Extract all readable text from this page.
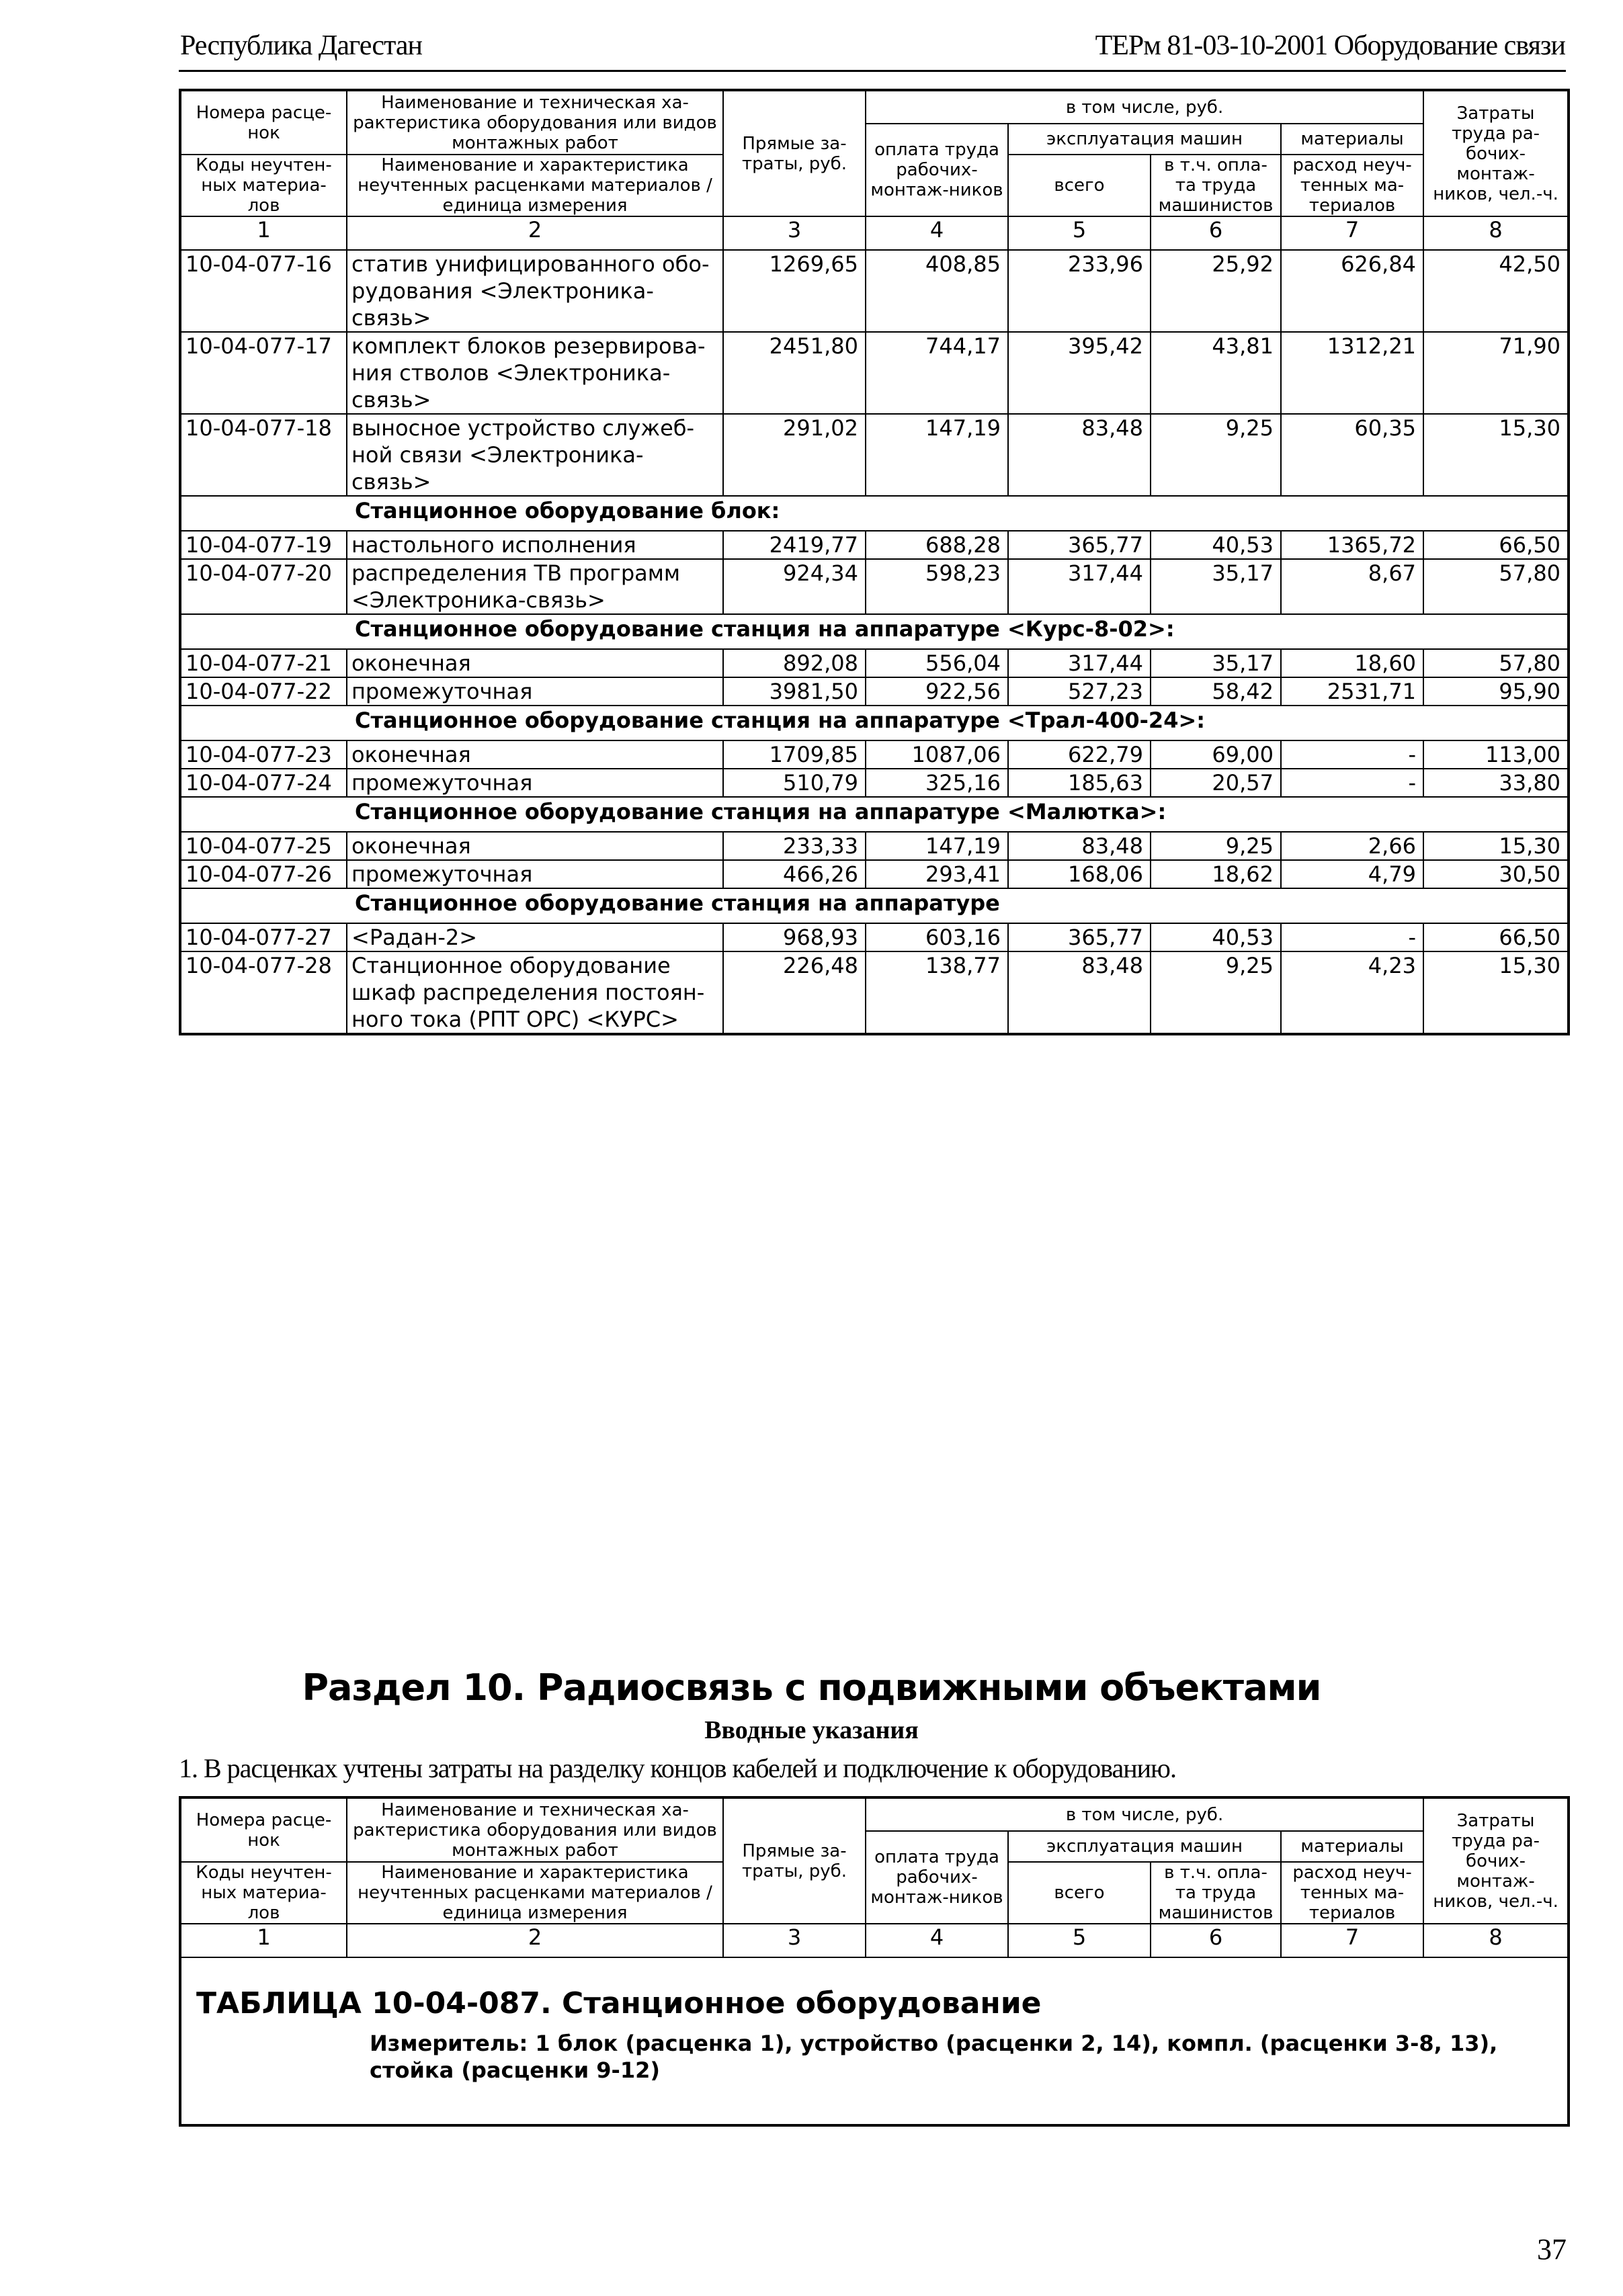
Республика Дагестан	ТЕРм 81-03-10-2001 Оборудование связи
Номера расце-нок	Наименование и техническая ха-рактеристика оборудования или видов монтажных работ	Прямые за-траты, руб.	в том числе, руб.				Затраты труда ра-бочих-монтаж-ников, чел.-ч.
			оплата труда рабочих-монтаж-ников	эксплуатация машин		материалы	
Коды неучтен-ных материа-лов	Наименование и характеристика неучтенных расценками материалов / единица измерения			всего	в т.ч. опла-та труда машинистов	расход неуч-тенных ма-териалов	

1	2	3	4	5	6	7	8
10-04-077-16	статив унифицированного обо-рудования <Электроника-связь>	1269,65	408,85	233,96	25,92	626,84	42,50
10-04-077-17	комплект блоков резервирова-ния стволов <Электроника-связь>	2451,80	744,17	395,42	43,81	1312,21	71,90
10-04-077-18	выносное устройство служеб-ной связи <Электроника-связь>	291,02	147,19	83,48	9,25	60,35	15,30
Станционное оборудование блок:							
10-04-077-19	настольного исполнения	2419,77	688,28	365,77	40,53	1365,72	66,50
10-04-077-20	распределения ТВ программ <Электроника-связь>	924,34	598,23	317,44	35,17	8,67	57,80
Станционное оборудование станция на аппаратуре <Курс-8-02>:							
10-04-077-21	оконечная	892,08	556,04	317,44	35,17	18,60	57,80
10-04-077-22	промежуточная	3981,50	922,56	527,23	58,42	2531,71	95,90
Станционное оборудование станция на аппаратуре <Трал-400-24>:							
10-04-077-23	оконечная	1709,85	1087,06	622,79	69,00	-	113,00
10-04-077-24	промежуточная	510,79	325,16	185,63	20,57	-	33,80
Станционное оборудование станция на аппаратуре <Малютка>:							
10-04-077-25	оконечная	233,33	147,19	83,48	9,25	2,66	15,30
10-04-077-26	промежуточная	466,26	293,41	168,06	18,62	4,79	30,50
Станционное оборудование станция на аппаратуре							
10-04-077-27	<Радан-2>	968,93	603,16	365,77	40,53	-	66,50
10-04-077-28	Станционное оборудование шкаф распределения постоян-ного тока (РПТ ОРС) <КУРС>	226,48	138,77	83,48	9,25	4,23	15,30
Раздел 10. Радиосвязь с подвижными объектами
Вводные указания
1. В расценках учтены затраты на разделку концов кабелей и подключение к оборудованию.
Номера расце-нок	Наименование и техническая ха-рактеристика оборудования или видов монтажных работ	Прямые за-траты, руб.	в том числе, руб.				Затраты труда ра-бочих-монтаж-ников, чел.-ч.
			оплата труда рабочих-монтаж-ников	эксплуатация машин		материалы	
Коды неучтен-ных материа-лов	Наименование и характеристика неучтенных расценками материалов / единица измерения			всего	в т.ч. опла-та труда машинистов	расход неуч-тенных ма-териалов	

1	2	3	4	5	6	7	8

ТАБЛИЦА 10-04-087. Станционное оборудование
Измеритель: 1 блок (расценка 1), устройство (расценки 2, 14), компл. (расценки 3-8, 13),
стойка (расценки 9-12)							
37
